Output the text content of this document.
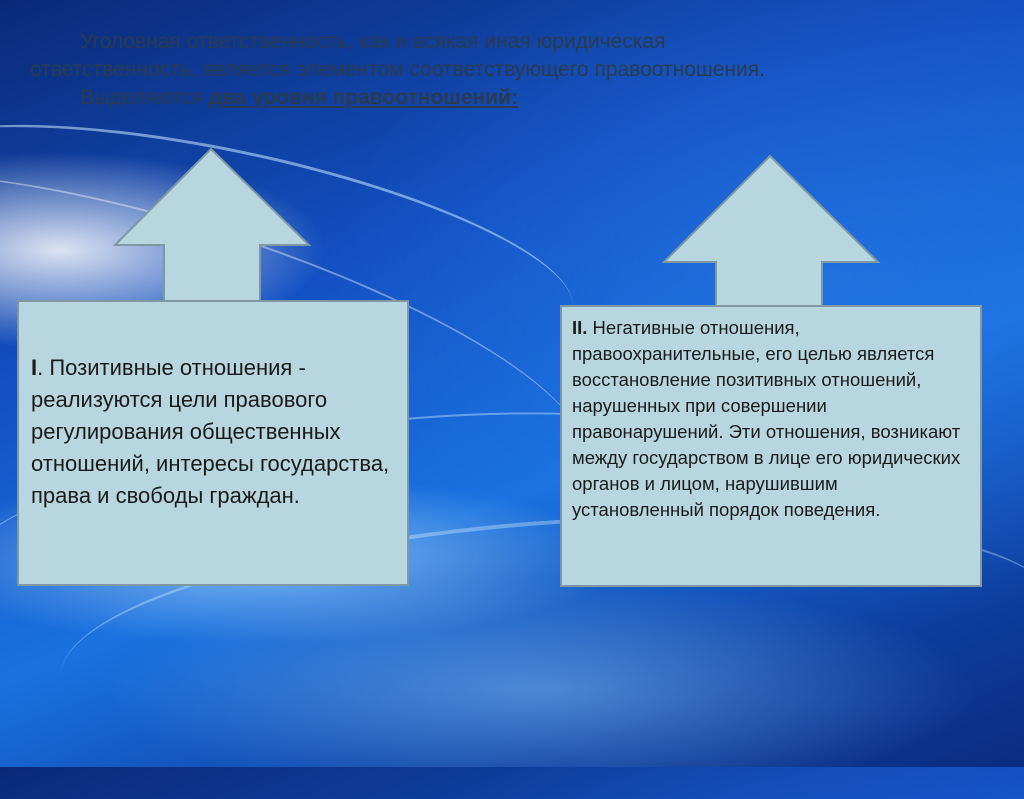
Уголовная ответственность, как и всякая иная юридическая

ответственность, является элементом соответствующего правоотношения.

Выделяются два уровня правоотношений:

I. Позитивные отношения - реализуются цели правового регулирования общественных отношений, интересы государства, права и свободы граждан.
II. Негативные отношения, правоохранительные, его целью является восстановление позитивных отношений, нарушенных при совершении правонарушений. Эти отношения, возникают между государством в лице его юридических органов и лицом, нарушившим установленный порядок поведения.
